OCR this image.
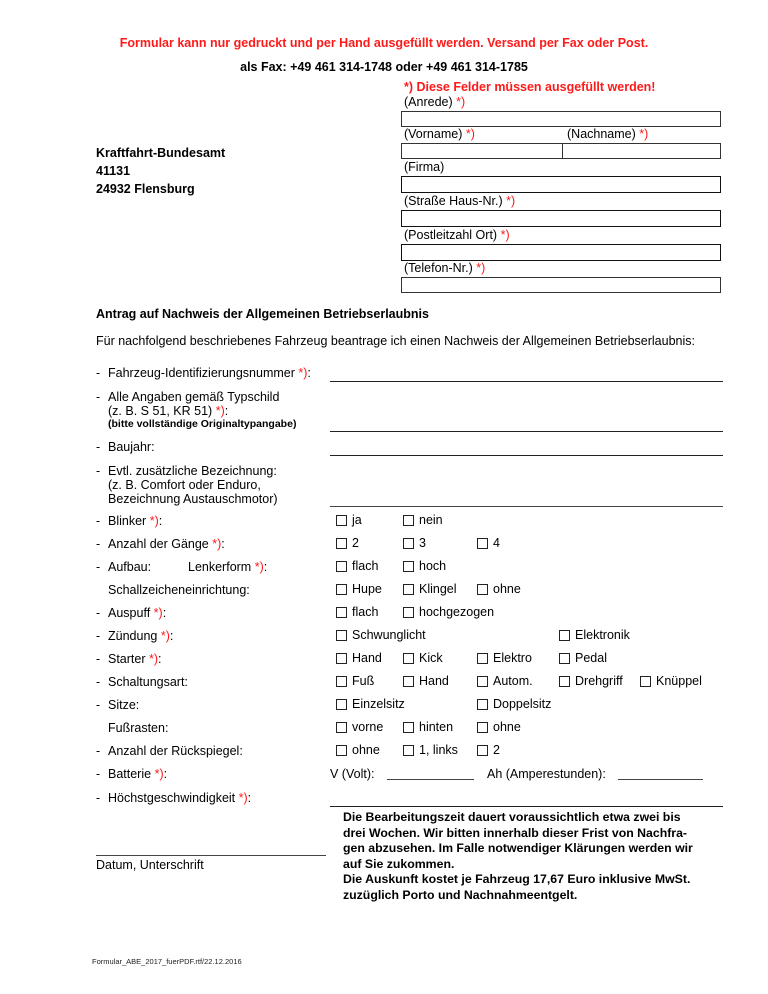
Formular kann nur gedruckt und per Hand ausgefüllt werden. Versand per Fax oder Post.
als Fax: +49 461 314-1748 oder +49 461 314-1785
*) Diese Felder müssen ausgefüllt werden!
Kraftfahrt-Bundesamt
41131
24932 Flensburg
(Anrede) *)
(Vorname) *)	(Nachname) *)
(Firma)
(Straße Haus-Nr.) *)
(Postleitzahl Ort) *)
(Telefon-Nr.) *)
Antrag auf Nachweis der Allgemeinen Betriebserlaubnis
Für nachfolgend beschriebenes Fahrzeug beantrage ich einen Nachweis der Allgemeinen Betriebserlaubnis:
- Fahrzeug-Identifizierungsnummer *):
- Alle Angaben gemäß Typschild
(z. B. S 51, KR 51) *):
(bitte vollständige Originaltypangabe)
- Baujahr:
- Evtl. zusätzliche Bezeichnung:
(z. B. Comfort oder Enduro,
Bezeichnung Austauschmotor)
- Blinker *):	ja	nein
- Anzahl der Gänge *):	2	3	4
- Aufbau:	Lenkerform *):	flach	hoch
Schallzeicheneinrichtung:	Hupe	Klingel	ohne
- Auspuff *):	flach	hochgezogen
- Zündung *):	Schwunglicht	Elektronik
- Starter *):	Hand	Kick	Elektro	Pedal
- Schaltungsart:	Fuß	Hand	Autom.	Drehgriff	Knüppel
- Sitze:	Einzelsitz	Doppelsitz
Fußrasten:	vorne	hinten	ohne
- Anzahl der Rückspiegel:	ohne	1, links	2
- Batterie *):	V (Volt):	Ah (Amperestunden):
- Höchstgeschwindigkeit *):
Datum, Unterschrift
Die Bearbeitungszeit dauert voraussichtlich etwa zwei bis
drei Wochen. Wir bitten innerhalb dieser Frist von Nachfra-
gen abzusehen. Im Falle notwendiger Klärungen werden wir
auf Sie zukommen.
Die Auskunft kostet je Fahrzeug 17,67 Euro inklusive MwSt.
zuzüglich Porto und Nachnahmeentgelt.
Formular_ABE_2017_fuerPDF.rtf/22.12.2016
